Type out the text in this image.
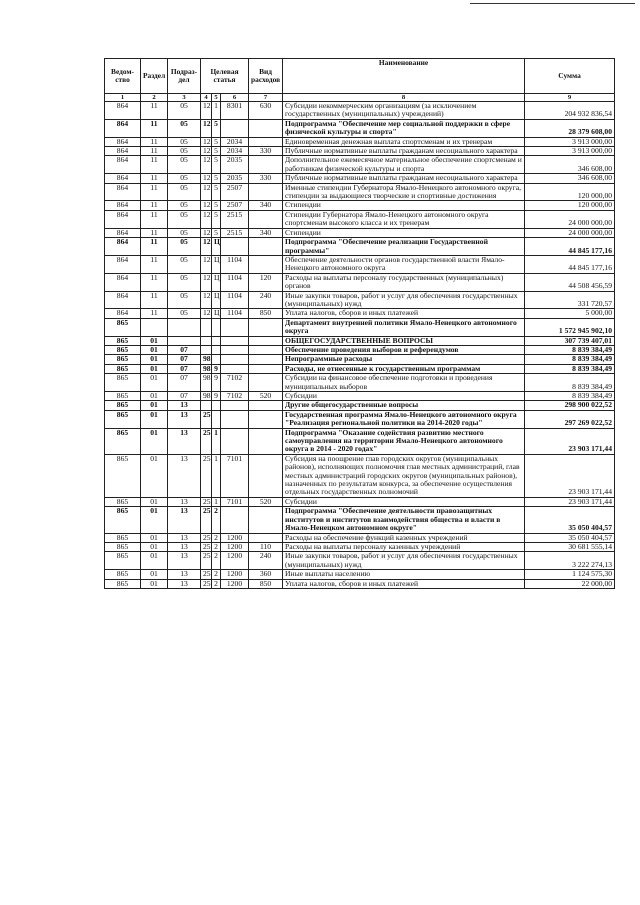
Ведом-ство	Раздел	Подраз-дел	Целевая статья			Вид расходов	Наименование	Сумма
1	2	3	4	5	6	7	8	9
864	11	05	12	1	8301	630	Субсидии некоммерческим организациям (за исключением государственных (муниципальных) учреждений)	204 932 836,54
864	11	05	12	5			Подпрограмма "Обеспечение мер социальной поддержки в сфере физической культуры и спорта"	28 379 608,00
864	11	05	12	5	2034		Единовременная денежная выплата спортсменам и их тренерам	3 913 000,00
864	11	05	12	5	2034	330	Публичные нормативные выплаты гражданам несоциального характера	3 913 000,00
864	11	05	12	5	2035		Дополнительное ежемесячное материальное обеспечение спортсменам и работникам физической культуры и спорта	346 608,00
864	11	05	12	5	2035	330	Публичные нормативные выплаты гражданам несоциального характера	346 608,00
864	11	05	12	5	2507		Именные стипендии Губернатора Ямало-Ненецкого автономного округа, стипендии за выдающиеся творческие и спортивные достижения	120 000,00
864	11	05	12	5	2507	340	Стипендии	120 000,00
864	11	05	12	5	2515		Стипендии Губернатора Ямало-Ненецкого автономного округа спортсменам высокого класса и их тренерам	24 000 000,00
864	11	05	12	5	2515	340	Стипендии	24 000 000,00
864	11	05	12	Ц			Подпрограмма "Обеспечение реализации Государственной программы"	44 845 177,16
864	11	05	12	Ц	1104		Обеспечение деятельности органов государственной власти Ямало-Ненецкого автономного округа	44 845 177,16
864	11	05	12	Ц	1104	120	Расходы на выплаты персоналу государственных (муниципальных) органов	44 508 456,59
864	11	05	12	Ц	1104	240	Иные закупки товаров, работ и услуг для обеспечения государственных (муниципальных) нужд	331 720,57
864	11	05	12	Ц	1104	850	Уплата налогов, сборов и иных платежей	5 000,00
865							Департамент внутренней политики Ямало-Ненецкого автономного округа	1 572 945 902,10
865	01						ОБЩЕГОСУДАРСТВЕННЫЕ ВОПРОСЫ	307 739 407,01
865	01	07					Обеспечение проведения выборов и референдумов	8 839 384,49
865	01	07	98				Непрограммные расходы	8 839 384,49
865	01	07	98	9			Расходы, не отнесенные к государственным программам	8 839 384,49
865	01	07	98	9	7102		Субсидии на финансовое обеспечение подготовки и проведения муниципальных выборов	8 839 384,49
865	01	07	98	9	7102	520	Субсидии	8 839 384,49
865	01	13					Другие общегосударственные вопросы	298 900 022,52
865	01	13	25				Государственная программа Ямало-Ненецкого автономного округа "Реализация региональной политики на 2014-2020 годы"	297 269 022,52
865	01	13	25	1			Подпрограмма "Оказание содействия развитию местного самоуправления на территории Ямало-Ненецкого автономного округа в 2014 - 2020 годах"	23 903 171,44
865	01	13	25	1	7101		Субсидия на поощрение глав городских округов (муниципальных районов), исполняющих полномочия глав местных администраций, глав местных администраций городских округов (муниципальных районов), назначенных по результатам конкурса, за обеспечение осуществления отдельных государственных полномочий	23 903 171,44
865	01	13	25	1	7101	520	Субсидии	23 903 171,44
865	01	13	25	2			Подпрограмма "Обеспечение деятельности правозащитных институтов и институтов взаимодействия общества и власти в Ямало-Ненецком автономном округе"	35 050 404,57
865	01	13	25	2	1200		Расходы на обеспечение функций казенных учреждений	35 050 404,57
865	01	13	25	2	1200	110	Расходы на выплаты персоналу казенных учреждений	30 681 555,14
865	01	13	25	2	1200	240	Иные закупки товаров, работ и услуг для обеспечения государственных (муниципальных) нужд	3 222 274,13
865	01	13	25	2	1200	360	Иные выплаты населению	1 124 575,30
865	01	13	25	2	1200	850	Уплата налогов, сборов и иных платежей	22 000,00
